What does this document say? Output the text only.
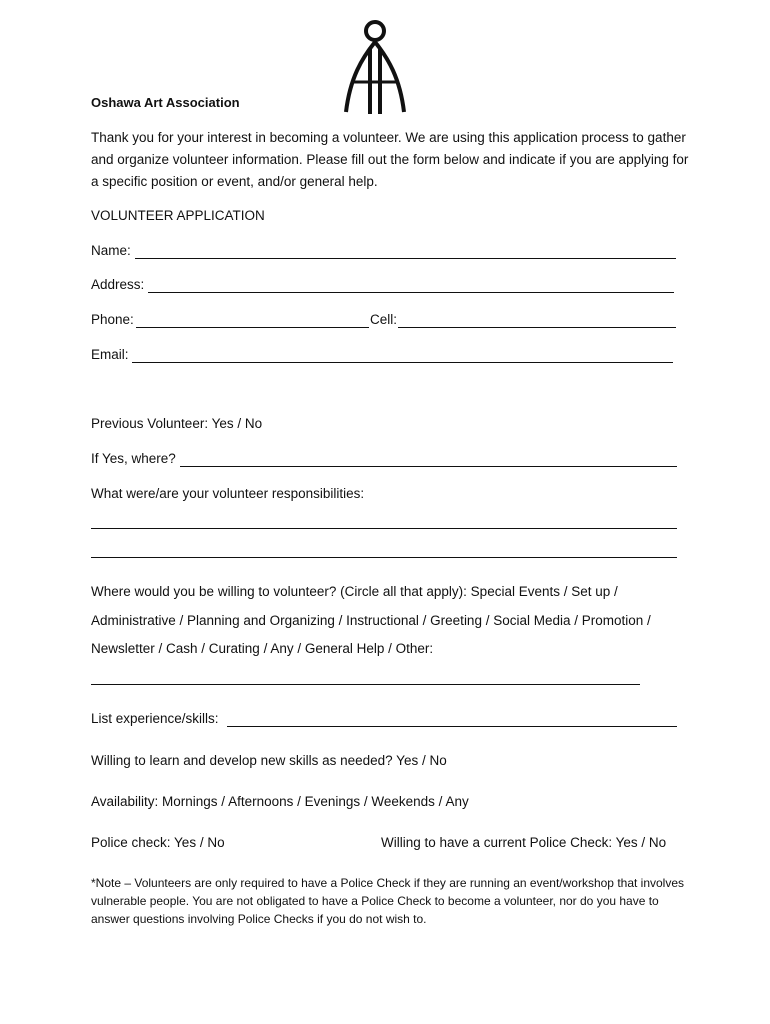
Oshawa Art Association
Thank you for your interest in becoming a volunteer. We are using this application process to gather and organize volunteer information. Please fill out the form below and indicate if you are applying for a specific position or event, and/or general help.
VOLUNTEER APPLICATION
Name:
Address:
Phone:	Cell:
Email:
Previous Volunteer: Yes / No
If Yes, where?
What were/are your volunteer responsibilities:
Where would you be willing to volunteer? (Circle all that apply): Special Events / Set up /
Administrative / Planning and Organizing / Instructional / Greeting / Social Media / Promotion /
Newsletter / Cash / Curating / Any / General Help / Other:
List experience/skills:
Willing to learn and develop new skills as needed? Yes / No
Availability: Mornings / Afternoons / Evenings / Weekends / Any
Police check: Yes / No	Willing to have a current Police Check: Yes / No
*Note – Volunteers are only required to have a Police Check if they are running an event/workshop that involves vulnerable people. You are not obligated to have a Police Check to become a volunteer, nor do you have to answer questions involving Police Checks if you do not wish to.
